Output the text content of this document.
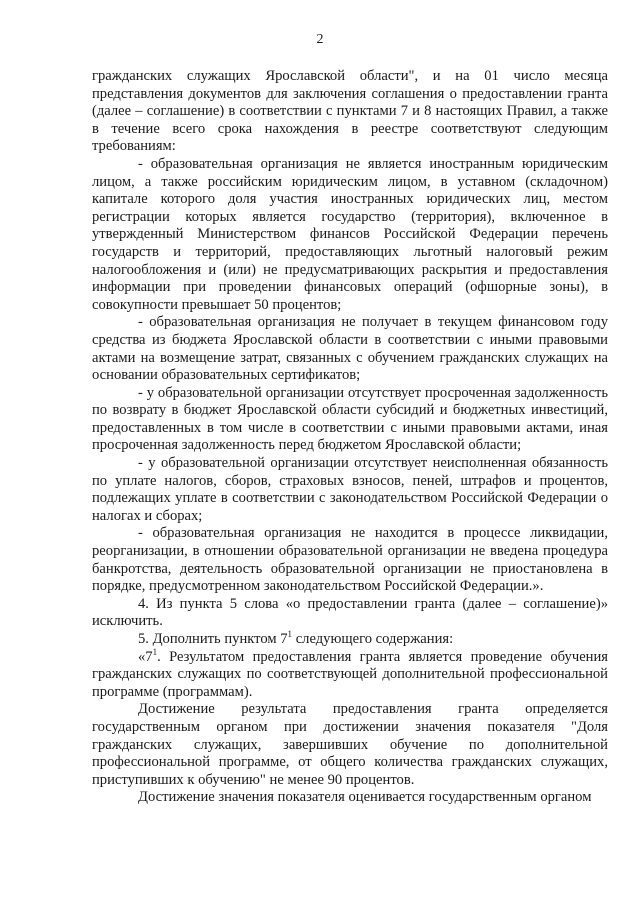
2

гражданских служащих Ярославской области", и на 01 число месяца представления документов для заключения соглашения о предоставлении гранта (далее – соглашение) в соответствии с пунктами 7 и 8 настоящих Правил, а также в течение всего срока нахождения в реестре соответствуют следующим требованиям:

- образовательная организация не является иностранным юридическим лицом, а также российским юридическим лицом, в уставном (складочном) капитале которого доля участия иностранных юридических лиц, местом регистрации которых является государство (территория), включенное в утвержденный Министерством финансов Российской Федерации перечень государств и территорий, предоставляющих льготный налоговый режим налогообложения и (или) не предусматривающих раскрытия и предоставления информации при проведении финансовых операций (офшорные зоны), в совокупности превышает 50 процентов;

- образовательная организация не получает в текущем финансовом году средства из бюджета Ярославской области в соответствии с иными правовыми актами на возмещение затрат, связанных с обучением гражданских служащих на основании образовательных сертификатов;

- у образовательной организации отсутствует просроченная задолженность по возврату в бюджет Ярославской области субсидий и бюджетных инвестиций, предоставленных в том числе в соответствии с иными правовыми актами, иная просроченная задолженность перед бюджетом Ярославской области;

- у образовательной организации отсутствует неисполненная обязанность по уплате налогов, сборов, страховых взносов, пеней, штрафов и процентов, подлежащих уплате в соответствии с законодательством Российской Федерации о налогах и сборах;

- образовательная организация не находится в процессе ликвидации, реорганизации, в отношении образовательной организации не введена процедура банкротства, деятельность образовательной организации не приостановлена в порядке, предусмотренном законодательством Российской Федерации.».

4. Из пункта 5 слова «о предоставлении гранта (далее – соглашение)» исключить.

5. Дополнить пунктом $7^1$ следующего содержания:

«$7^1$. Результатом предоставления гранта является проведение обучения гражданских служащих по соответствующей дополнительной профессиональной программе (программам).

Достижение результата предоставления гранта определяется государственным органом при достижении значения показателя "Доля гражданских служащих, завершивших обучение по дополнительной профессиональной программе, от общего количества гражданских служащих, приступивших к обучению" не менее 90 процентов.

Достижение значения показателя оценивается государственным органом
